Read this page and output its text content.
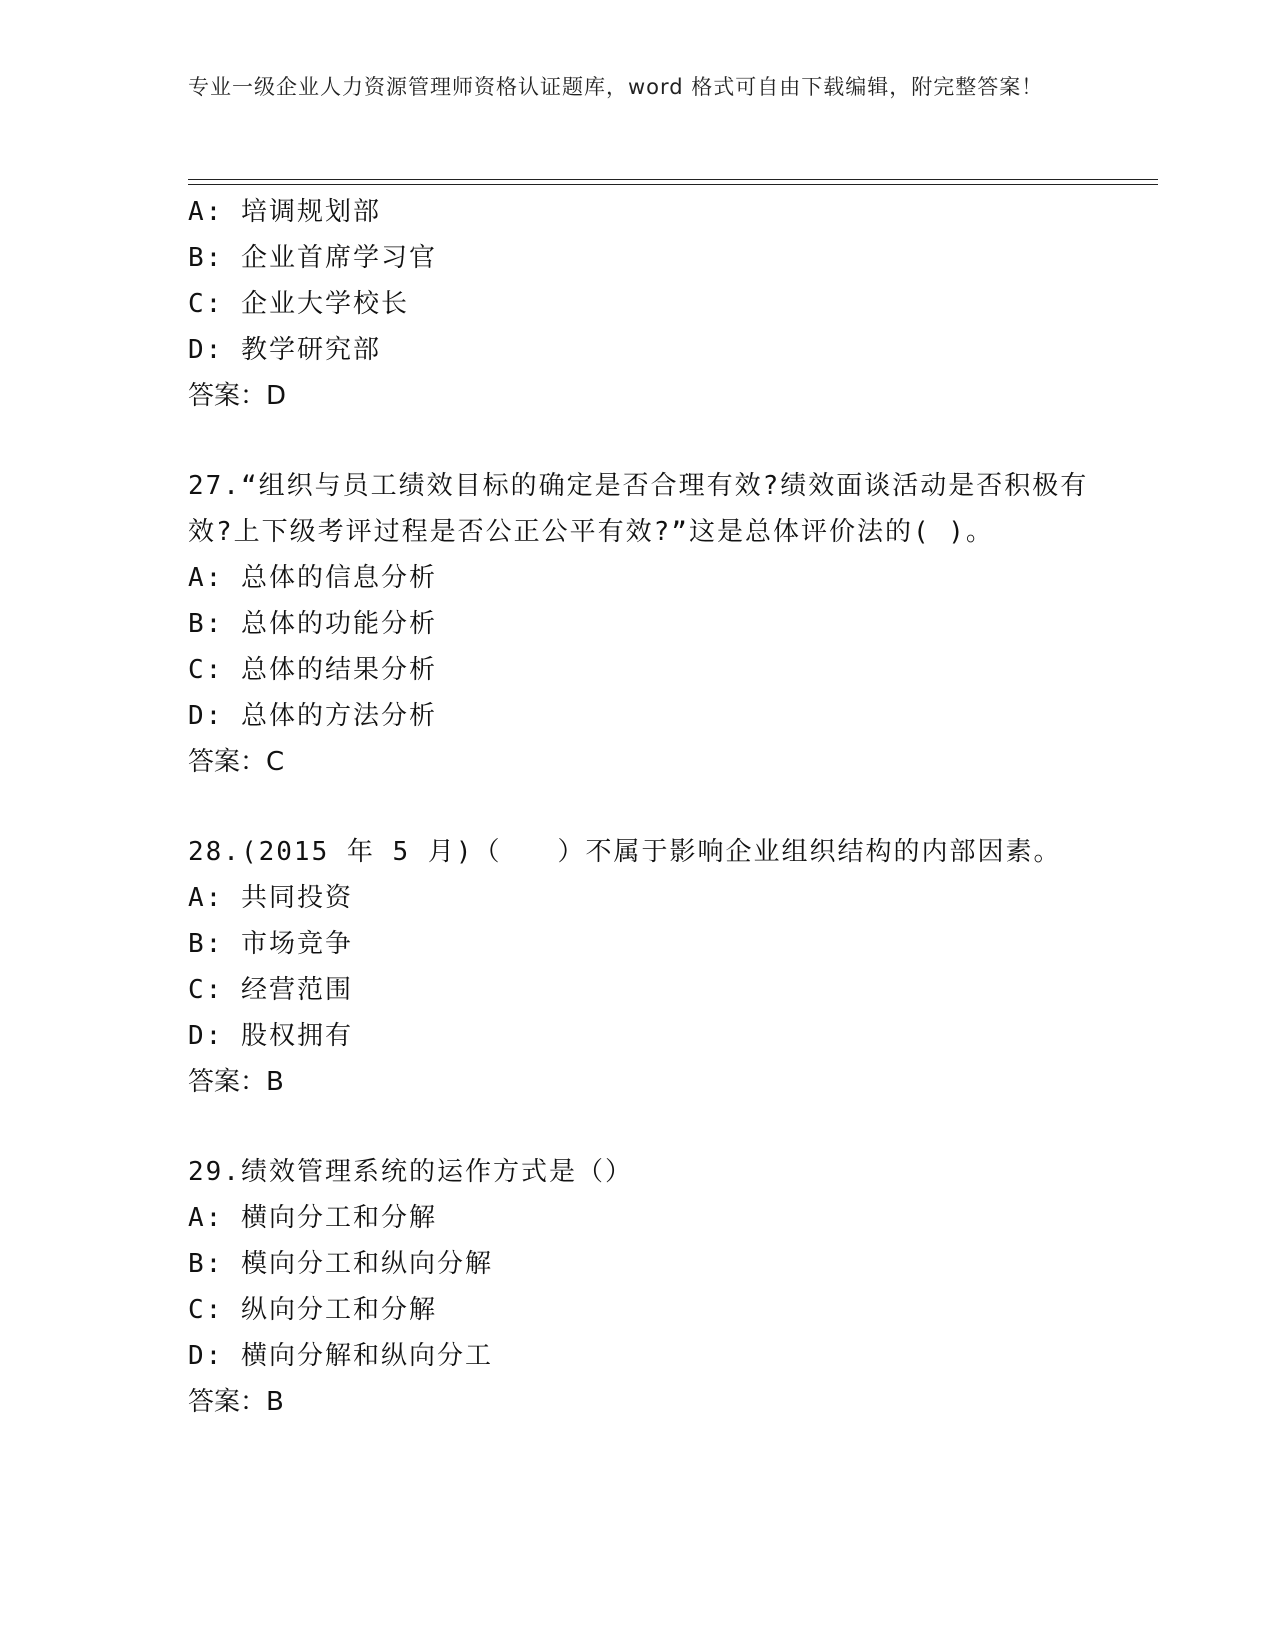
专业一级企业人力资源管理师资格认证题库，word 格式可自由下载编辑，附完整答案！
A: 培调规划部
B: 企业首席学习官
C: 企业大学校长
D: 教学研究部
答案：D
27.“组织与员工绩效目标的确定是否合理有效?绩效面谈活动是否积极有效?上下级考评过程是否公正公平有效?”这是总体评价法的( )。
A: 总体的信息分析
B: 总体的功能分析
C: 总体的结果分析
D: 总体的方法分析
答案：C
28.(2015 年 5 月)（　　）不属于影响企业组织结构的内部因素。
A: 共同投资
B: 市场竞争
C: 经营范围
D: 股权拥有
答案：B
29.绩效管理系统的运作方式是（）
A: 横向分工和分解
B: 模向分工和纵向分解
C: 纵向分工和分解
D: 横向分解和纵向分工
答案：B
